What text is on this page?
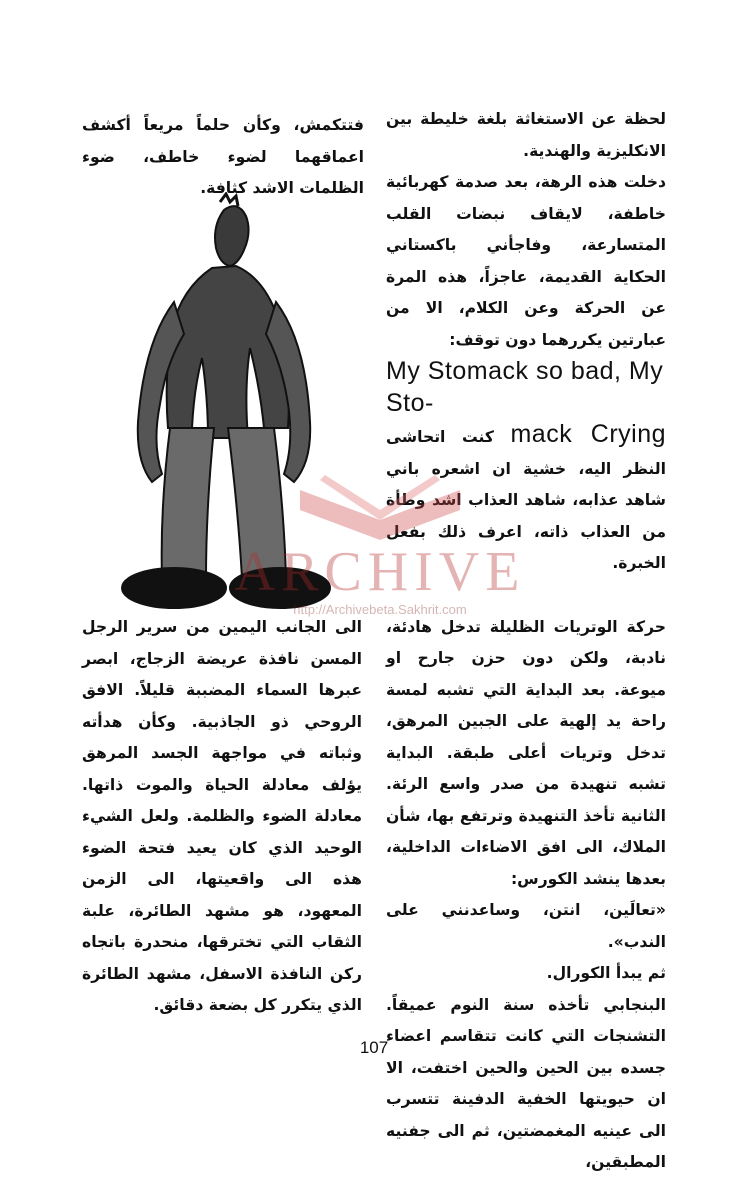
لحظة عن الاستغاثة بلغة خليطة بين الانكليزية والهندية.

دخلت هذه الرهة، بعد صدمة كهربائية خاطفة، لايقاف نبضات القلب المتسارعة، وفاجأني باكستاني الحكاية القديمة، عاجزاً، هذه المرة عن الحركة وعن الكلام، الا من عبارتين يكررهما دون توقف:
My Stomack so bad, My Sto-
mack Crying كنت اتحاشى النظر اليه، خشية ان اشعره باني شاهد عذابه، شاهد العذاب اشد وطأة من العذاب ذاته، اعرف ذلك بفعل الخبرة.

حركة الوتريات الظليلة تدخل هادئة، نادبة، ولكن دون حزن جارح او ميوعة. بعد البداية التي تشبه لمسة راحة يد إلهية على الجبين المرهق، تدخل وتريات أعلى طبقة. البداية تشبه تنهيدة من صدر واسع الرئة. الثانية تأخذ التنهيدة وترتفع بها، شأن الملاك، الى افق الاضاءات الداخلية، بعدها ينشد الكورس:

«تعالَين، انتن، وساعدنني على الندب».

ثم يبدأ الكورال.

البنجابي تأخذه سنة النوم عميقاً. التشنجات التي كانت تتقاسم اعضاء جسده بين الحين والحين اختفت، الا ان حيويتها الخفية الدفينة تتسرب الى عينيه المغمضتين، ثم الى جفنيه المطبقين،

فتتكمش، وكأن حلماً مريعاً أكشف اعماقهما لضوء خاطف، ضوء الظلمات الاشد كثافة.

ARCHIVE
http://Archivebeta.Sakhrit.com

الى الجانب اليمين من سرير الرجل المسن نافذة عريضة الزجاج، ابصر عبرها السماء المضببة قليلاً. الافق الروحي ذو الجاذبية. وكأن هدأته وثباته في مواجهة الجسد المرهق يؤلف معادلة الحياة والموت ذاتها. معادلة الضوء والظلمة. ولعل الشيء الوحيد الذي كان يعيد فتحة الضوء هذه الى واقعيتها، الى الزمن المعهود، هو مشهد الطائرة، علبة الثقاب التي تخترقها، منحدرة باتجاه ركن النافذة الاسفل، مشهد الطائرة الذي يتكرر كل بضعة دقائق.

107
